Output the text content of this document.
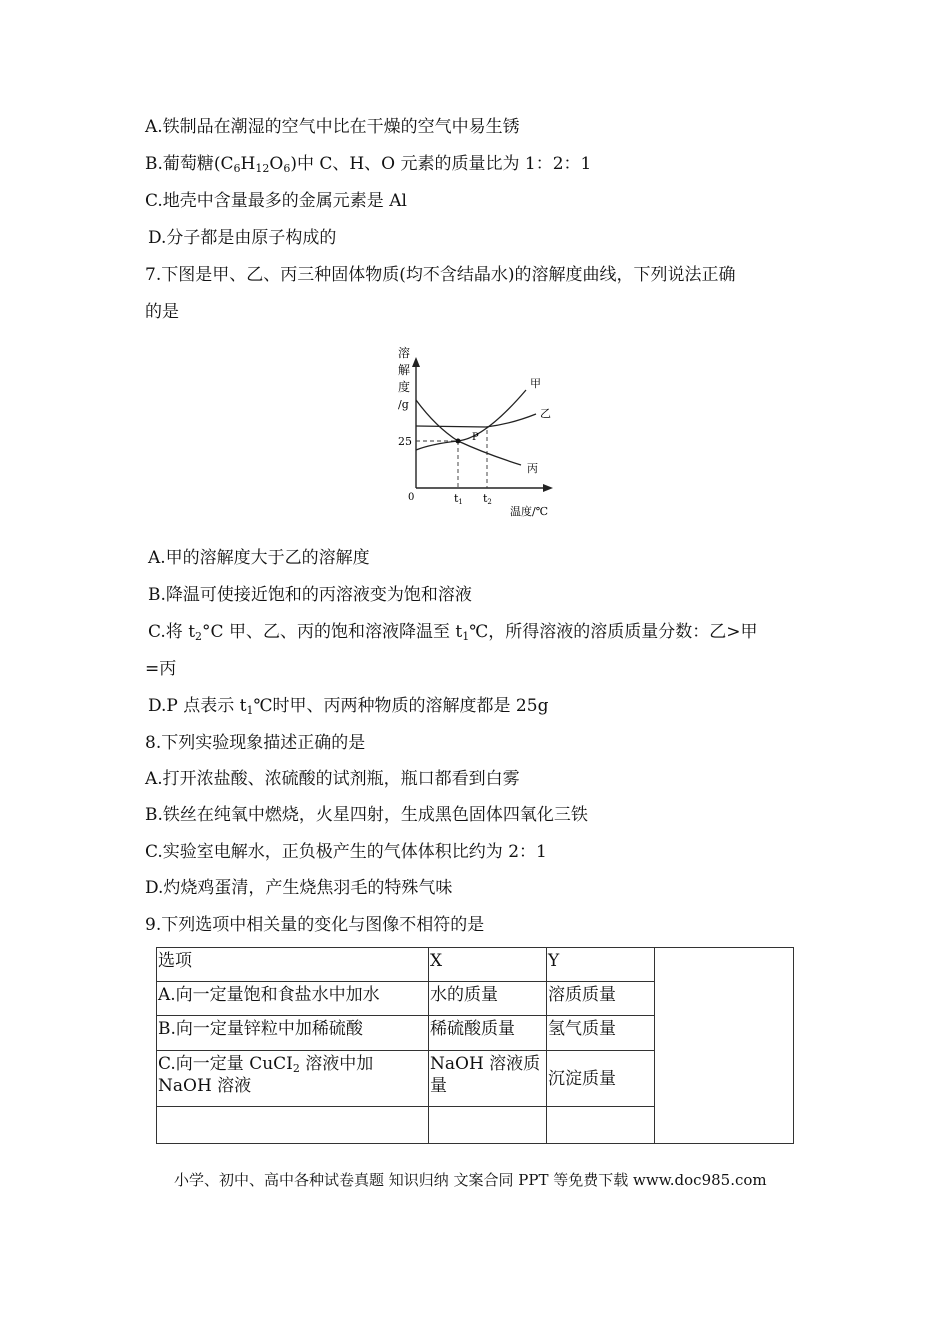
A.铁制品在潮湿的空气中比在干燥的空气中易生锈
B.葡萄糖$(C_6H_{12}O_6)$中 C、H、O 元素的质量比为 1：2：1
C.地壳中含量最多的金属元素是 Al
D.分子都是由原子构成的
7.下图是甲、乙、丙三种固体物质(均不含结晶水)的溶解度曲线，下列说法正确
的是
溶
解
度
/g
25
0
P
t1 t2
温度/℃
甲
乙
丙
A.甲的溶解度大于乙的溶解度
B.降温可使接近饱和的丙溶液变为饱和溶液
C.将 $t_2^\circ C$ 甲、乙、丙的饱和溶液降温至 $t_1℃$，所得溶液的溶质质量分数：乙>甲
=丙
D.P 点表示 $t_1℃$时甲、丙两种物质的溶解度都是 25g
8.下列实验现象描述正确的是
A.打开浓盐酸、浓硫酸的试剂瓶，瓶口都看到白雾
B.铁丝在纯氧中燃烧，火星四射，生成黑色固体四氧化三铁
C.实验室电解水，正负极产生的气体体积比约为 2：1
D.灼烧鸡蛋清，产生烧焦羽毛的特殊气味
9.下列选项中相关量的变化与图像不相符的是
选项	X	Y	
A.向一定量饱和食盐水中加水	水的质量	溶质质量	
B.向一定量锌粒中加稀硫酸	稀硫酸质量	氢气质量	
C.向一定量 CuCI$_2$ 溶液中加
NaOH 溶液	NaOH 溶液质
量	沉淀质量	

小学、初中、高中各种试卷真题 知识归纳 文案合同 PPT 等免费下载 www.doc985.com
